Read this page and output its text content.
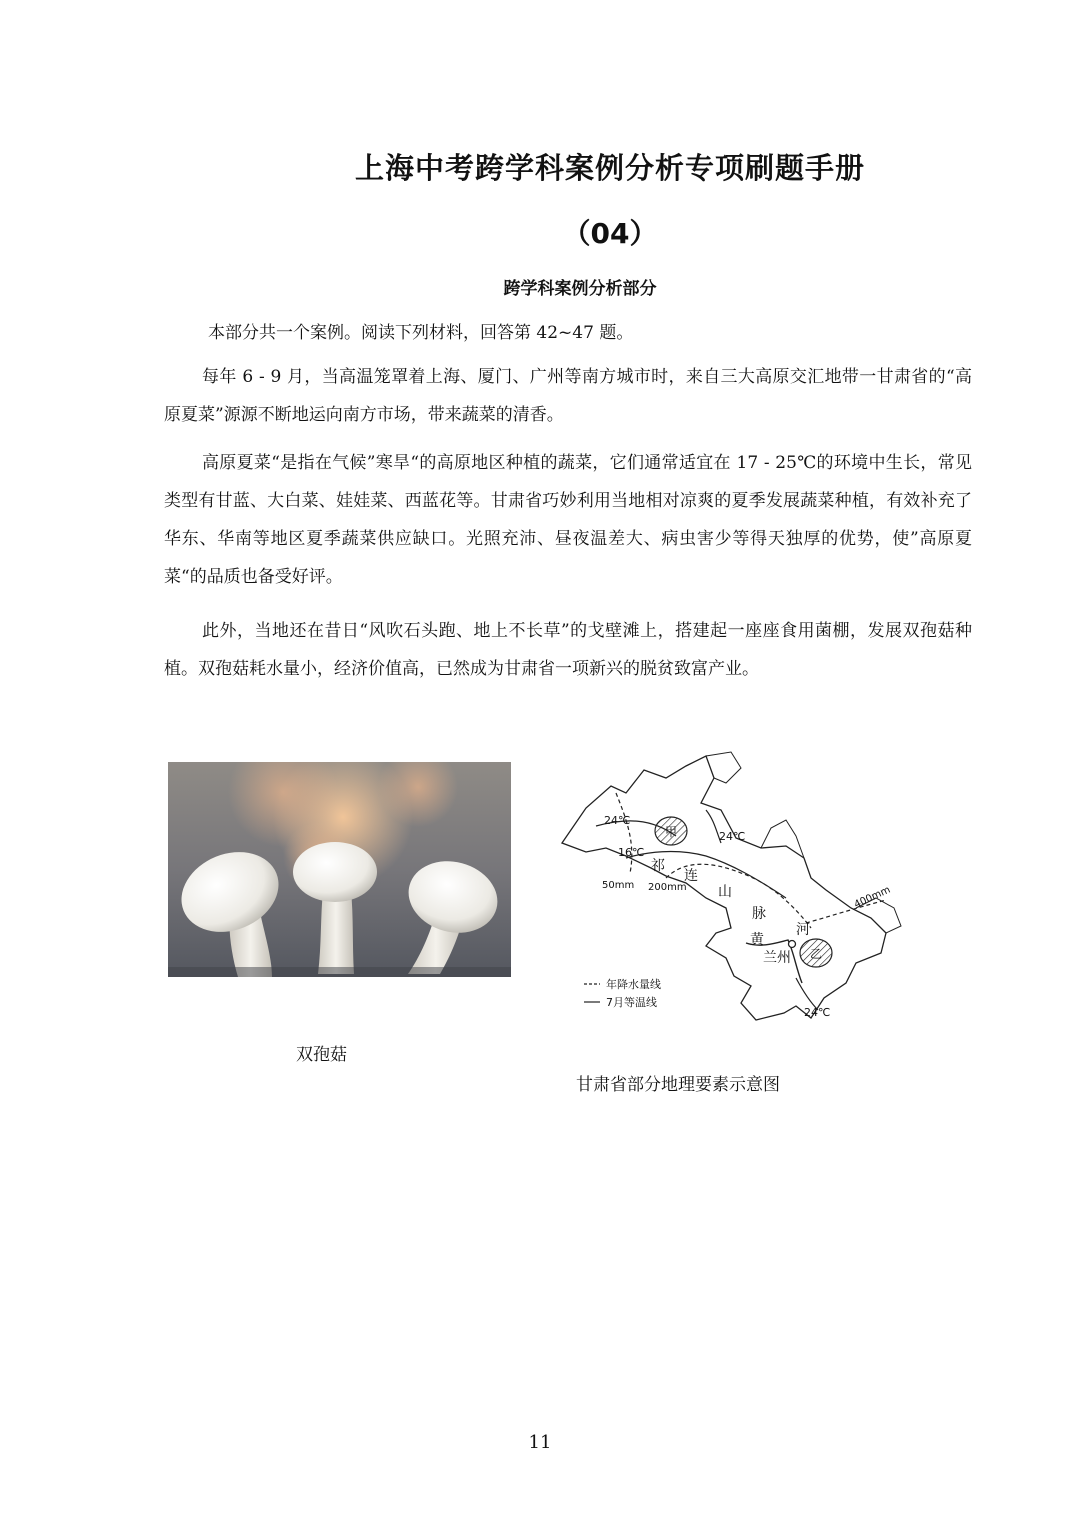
上海中考跨学科案例分析专项刷题手册
（04）
跨学科案例分析部分
本部分共一个案例。阅读下列材料，回答第 42~47 题。

每年 6 - 9 月，当高温笼罩着上海、厦门、广州等南方城市时，来自三大高原交汇地带一甘肃省的“高原夏菜”源源不断地运向南方市场，带来蔬菜的清香。

高原夏菜“是指在气候”寒旱“的高原地区种植的蔬菜，它们通常适宜在 17 - 25℃的环境中生长，常见类型有甘蓝、大白菜、娃娃菜、西蓝花等。甘肃省巧妙利用当地相对凉爽的夏季发展蔬菜种植，有效补充了华东、华南等地区夏季蔬菜供应缺口。光照充沛、昼夜温差大、病虫害少等得天独厚的优势，使”高原夏菜“的品质也备受好评。

此外，当地还在昔日“风吹石头跑、地上不长草”的戈壁滩上，搭建起一座座食用菌棚，发展双孢菇种植。双孢菇耗水量小，经济价值高，已然成为甘肃省一项新兴的脱贫致富产业。

24℃
24℃
16℃
24℃
50mm 200mm	400mm
甲
乙
祁
连
山
脉
黄
河
兰州
年降水量线
7月等温线
双孢菇
甘肃省部分地理要素示意图
11
